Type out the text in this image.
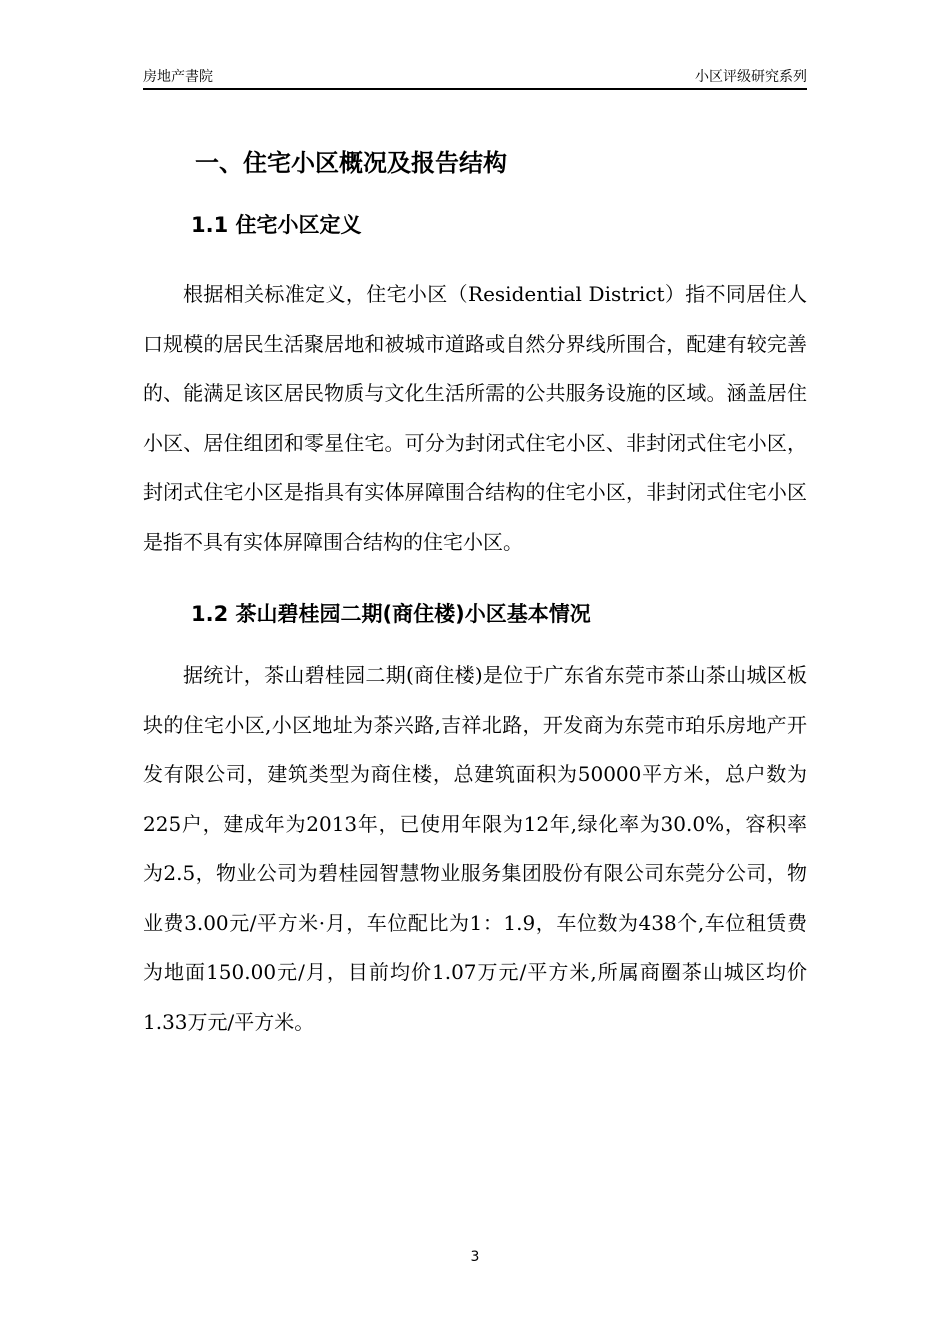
房地产書院	小区评级研究系列
一、住宅小区概况及报告结构
1.1 住宅小区定义

根据相关标准定义，住宅小区（Residential District）指不同居住人口规模的居民生活聚居地和被城市道路或自然分界线所围合，配建有较完善的、能满足该区居民物质与文化生活所需的公共服务设施的区域。涵盖居住小区、居住组团和零星住宅。可分为封闭式住宅小区、非封闭式住宅小区，封闭式住宅小区是指具有实体屏障围合结构的住宅小区，非封闭式住宅小区是指不具有实体屏障围合结构的住宅小区。

1.2 茶山碧桂园二期(商住楼)小区基本情况

据统计，茶山碧桂园二期(商住楼)是位于广东省东莞市茶山茶山城区板块的住宅小区,小区地址为茶兴路,吉祥北路，开发商为东莞市珀乐房地产开发有限公司，建筑类型为商住楼，总建筑面积为50000平方米，总户数为225户，建成年为2013年，已使用年限为12年,绿化率为30.0%，容积率为2.5，物业公司为碧桂园智慧物业服务集团股份有限公司东莞分公司，物业费3.00元/平方米·月，车位配比为1：1.9，车位数为438个,车位租赁费为地面150.00元/月，目前均价1.07万元/平方米,所属商圈茶山城区均价1.33万元/平方米。

3
